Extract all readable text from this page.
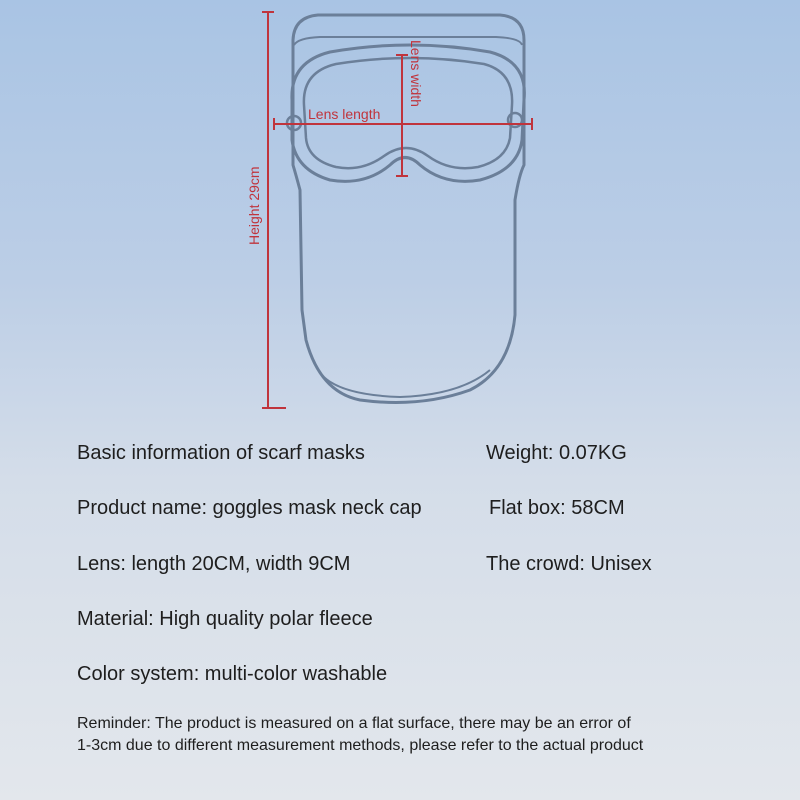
Height 29cm
Lens length
Lens width
Basic information of scarf masks	Weight: 0.07KG
Product name: goggles mask neck cap	Flat box: 58CM
Lens: length 20CM, width 9CM	The crowd: Unisex
Material: High quality polar fleece
Color system: multi-color washable
Reminder: The product is measured on a flat surface, there may be an error of
1-3cm due to different measurement methods, please refer to the actual product
